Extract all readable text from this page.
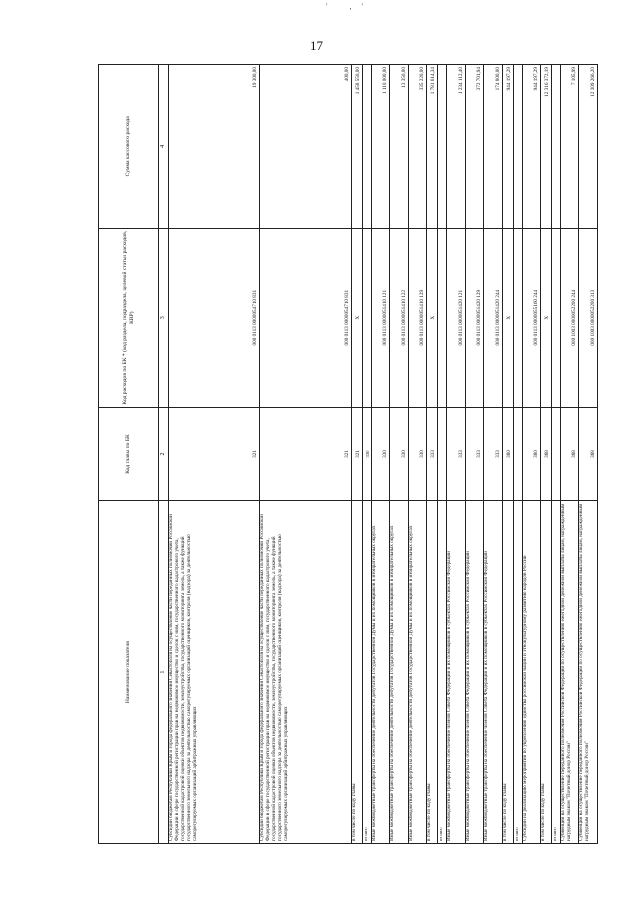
' ,'
17
Наименование показателя	Код главы по БК	Код расходов по БК * (код раздела, подраздела, целевой статьи расходов, КВР)	Сумма кассового расхода
1	2	3	4
Субсидии бюджетам Республики Крым и города федерального значения Севастополя на осуществление части переданных полномочий Российской Федерации в сфере государственной регистрации прав на недвижимое имущество и сделок с ним, государственного кадастрового учета, государственной кадастровой оценки объектов недвижимости, землеустройства, государственного мониторинга земель, а также функций государственного земельного надзора за деятельностью саморегулируемых организаций оценщиков, контроля (надзора) за деятельностью саморегулируемых организаций арбитражных управляющих	321	000 0113 0000054710 831	19 300,00
Субсидии бюджетам Республики Крым и города федерального значения Севастополя на осуществление части переданных полномочий Российской Федерации в сфере государственной регистрации прав на недвижимое имущество и сделок с ним, государственного кадастрового учета, государственной кадастровой оценки объектов недвижимости, землеустройства, государственного мониторинга земель, а также функций государственного земельного надзора за деятельностью саморегулируемых организаций оценщиков, контроля (надзора) за деятельностью саморегулируемых организаций арбитражных управляющих	321	000 0113 0000054710 831	400,00
в том числе по коду главы	321	X	1 458 550,00
из них:	330		
Иные межбюджетные трансферты на обеспечение деятельности депутатов Государственной Думы и их помощников в избирательных округах	330	000 0113 0000051410 121	1 110 000,00
Иные межбюджетные трансферты на обеспечение деятельности депутатов Государственной Думы и их помощников в избирательных округах	330	000 0113 0000051410 122	13 350,00
Иные межбюджетные трансферты на обеспечение деятельности депутатов Государственной Думы и их помощников в избирательных округах	330	000 0113 0000051410 129	335 220,00
в том числе по коду главы	333	X	1 781 614,34
из них:			
Иные межбюджетные трансферты на обеспечение членов Совета Федерации и их помощников в субъектах Российской Федерации	333	000 0113 0000051420 121	1 234 112,40
Иные межбюджетные трансферты на обеспечение членов Совета Федерации и их помощников в субъектах Российской Федерации	333	000 0113 0000051420 129	372 701,94
Иные межбюджетные трансферты на обеспечение членов Совета Федерации и их помощников в субъектах Российской Федерации	333	000 0113 0000051420 244	174 800,00
в том числе по коду главы	380	X	944 197,29
из них:			
Субсидии на реализацию мероприятий по укреплению единства российской нации и этнокультурному развитию народов России	380	000 0113 0000055160 244	944 197,29
в том числе по коду главы	388	X	12 316 372,19
из них:			
Субвенции на осуществление переданного полномочия Российской Федерации по осуществлению ежегодной денежной выплаты лицам, награжденным нагрудным знаком "Почетный донор России"	388	000 1003 0000052200 244	7 105,99
Субвенции на осуществление переданного полномочия Российской Федерации по осуществлению ежегодной денежной выплаты лицам, награжденным нагрудным знаком "Почетный донор России"	388	000 1003 0000052200 313	12 309 266,20
